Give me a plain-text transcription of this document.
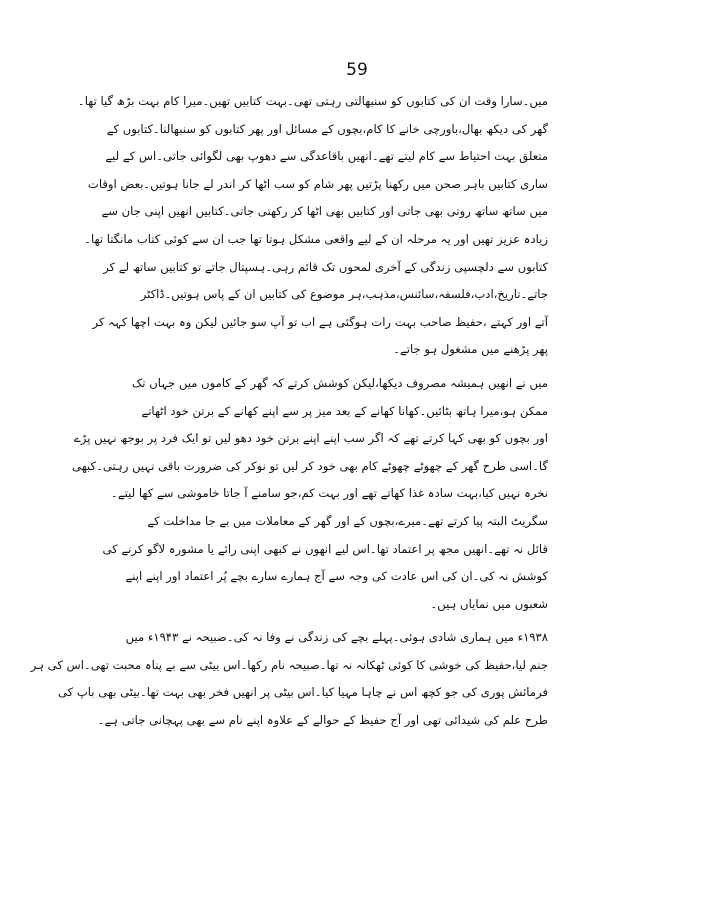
59
میں۔سارا وقت ان کی کتابوں کو سنبھالتی رہتی تھی۔بہت کتابیں تھیں۔میرا کام بہت بڑھ گیا تھا۔
گھر کی دیکھ بھال،باورچی خانے کا کام،بچوں کے مسائل اور پھر کتابوں کو سنبھالنا۔کتابوں کے
متعلق بہت احتیاط سے کام لیتے تھے۔انھیں باقاعدگی سے دھوپ بھی لگوائی جاتی۔اس کے لیے
ساری کتابیں باہر صحن میں رکھنا پڑتیں پھر شام کو سب اٹھا کر اندر لے جانا ہوتیں۔بعض اوقات
میں ساتھ ساتھ روتی بھی جاتی اور کتابیں بھی اٹھا کر رکھتی جاتی۔کتابیں انھیں اپنی جان سے
زیادہ عزیز تھیں اور یہ مرحلہ ان کے لیے واقعی مشکل ہوتا تھا جب ان سے کوئی کتاب مانگتا تھا۔
کتابوں سے دلچسپی زندگی کے آخری لمحوں تک قائم رہی۔ہسپتال جاتے تو کتابیں ساتھ لے کر
جاتے۔تاریخ،ادب،فلسفہ،سائنس،مذہب،ہر موضوع کی کتابیں ان کے پاس ہوتیں۔ڈاکٹر
آتے اور کہتے ،حفیظ صاحب بہت رات ہوگئی ہے اب تو آپ سو جائیں لیکن وہ بہت اچھا کہہ کر
پھر پڑھنے میں مشغول ہو جاتے۔
میں نے انھیں ہمیشہ مصروف دیکھا،لیکن کوشش کرتے کہ گھر کے کاموں میں جہاں تک
ممکن ہو،میرا ہاتھ بٹائیں۔کھانا کھانے کے بعد میز پر سے اپنے کھانے کے برتن خود اٹھاتے
اور بچوں کو بھی کہا کرتے تھے کہ اگر سب اپنے اپنے برتن خود دھو لیں تو ایک فرد پر بوجھ نہیں پڑے
گا۔اسی طرح گھر کے چھوٹے چھوٹے کام بھی خود کر لیں تو نوکر کی ضرورت باقی نہیں رہتی۔کبھی
نخرہ نہیں کیا،بہت سادہ غذا کھاتے تھے اور بہت کم،جو سامنے آ جاتا خاموشی سے کھا لیتے۔
سگریٹ البتہ پیا کرتے تھے۔میرے،بچوں کے اور گھر کے معاملات میں بے جا مداخلت کے
قائل نہ تھے۔انھیں مجھ پر اعتماد تھا۔اس لیے انھوں نے کبھی اپنی رائے یا مشورہ لاگو کرنے کی
کوشش نہ کی۔ان کی اس عادت کی وجہ سے آج ہمارے سارے بچے پُر اعتماد اور اپنے اپنے
شعبوں میں نمایاں ہیں۔
۱۹۳۸ء میں ہماری شادی ہوئی۔پہلے بچے کی زندگی نے وفا نہ کی۔صبیحہ نے ۱۹۴۳ء میں
جنم لیا،حفیظ کی خوشی کا کوئی ٹھکانہ نہ تھا۔صبیحہ نام رکھا۔اس بیٹی سے بے پناہ محبت تھی۔اس کی ہر
فرمائش پوری کی جو کچھ اس نے چاہا مہیا کیا۔اس بیٹی پر انھیں فخر بھی بہت تھا۔بیٹی بھی باپ کی
طرح علم کی شیدائی تھی اور آج حفیظ کے حوالے کے علاوہ اپنے نام سے بھی پہچانی جاتی ہے۔
